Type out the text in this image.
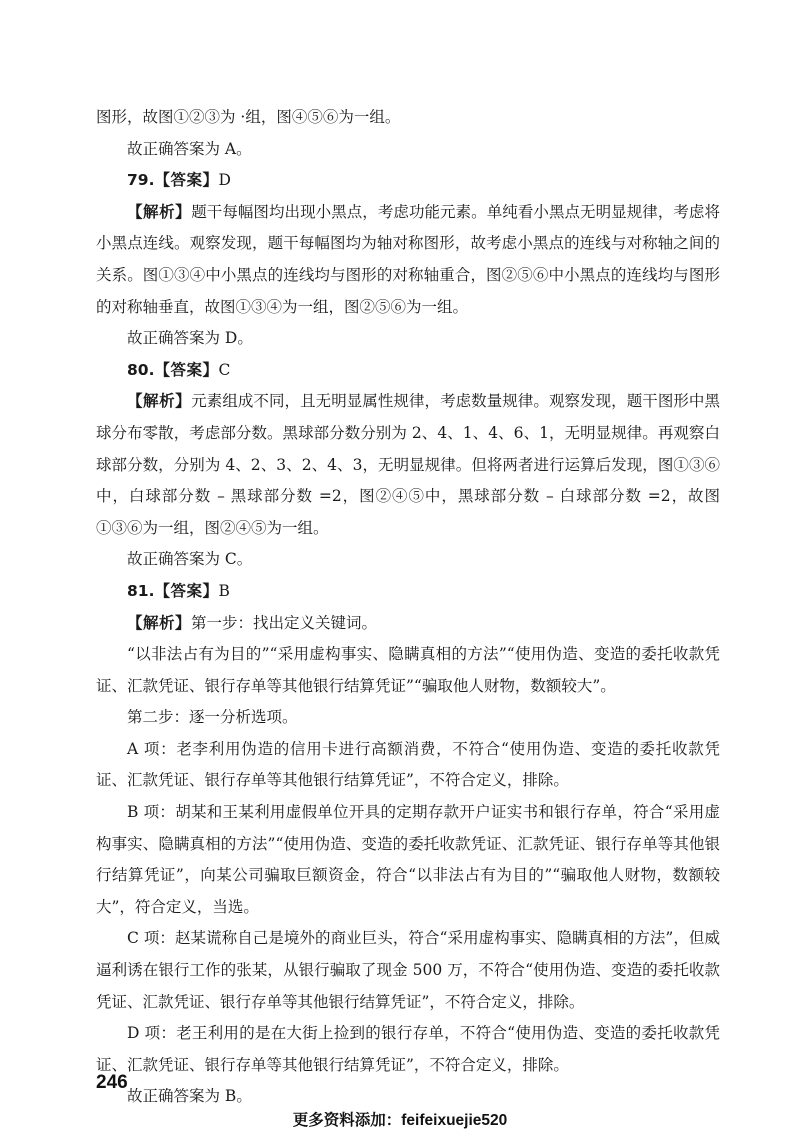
图形，故图①②③为 ·组，图④⑤⑥为一组。

故正确答案为 A。

79.【答案】D

【解析】题干每幅图均出现小黑点，考虑功能元素。单纯看小黑点无明显规律，考虑将小黑点连线。观察发现，题干每幅图均为轴对称图形，故考虑小黑点的连线与对称轴之间的关系。图①③④中小黑点的连线均与图形的对称轴重合，图②⑤⑥中小黑点的连线均与图形的对称轴垂直，故图①③④为一组，图②⑤⑥为一组。

故正确答案为 D。

80.【答案】C

【解析】元素组成不同，且无明显属性规律，考虑数量规律。观察发现，题干图形中黑球分布零散，考虑部分数。黑球部分数分别为 2、4、1、4、6、1，无明显规律。再观察白球部分数，分别为 4、2、3、2、4、3，无明显规律。但将两者进行运算后发现，图①③⑥中，白球部分数 – 黑球部分数 =2，图②④⑤中，黑球部分数 – 白球部分数 =2，故图①③⑥为一组，图②④⑤为一组。

故正确答案为 C。

81.【答案】B

【解析】第一步：找出定义关键词。

“以非法占有为目的”“采用虚构事实、隐瞒真相的方法”“使用伪造、变造的委托收款凭证、汇款凭证、银行存单等其他银行结算凭证”“骗取他人财物，数额较大”。

第二步：逐一分析选项。

A 项：老李利用伪造的信用卡进行高额消费，不符合“使用伪造、变造的委托收款凭证、汇款凭证、银行存单等其他银行结算凭证”，不符合定义，排除。

B 项：胡某和王某利用虚假单位开具的定期存款开户证实书和银行存单，符合“采用虚构事实、隐瞒真相的方法”“使用伪造、变造的委托收款凭证、汇款凭证、银行存单等其他银行结算凭证”，向某公司骗取巨额资金，符合“以非法占有为目的”“骗取他人财物，数额较大”，符合定义，当选。

C 项：赵某谎称自己是境外的商业巨头，符合“采用虚构事实、隐瞒真相的方法”，但威逼利诱在银行工作的张某，从银行骗取了现金 500 万，不符合“使用伪造、变造的委托收款凭证、汇款凭证、银行存单等其他银行结算凭证”，不符合定义，排除。

D 项：老王利用的是在大街上捡到的银行存单，不符合“使用伪造、变造的委托收款凭证、汇款凭证、银行存单等其他银行结算凭证”，不符合定义，排除。

故正确答案为 B。

246
更多资料添加：feifeixuejie520
